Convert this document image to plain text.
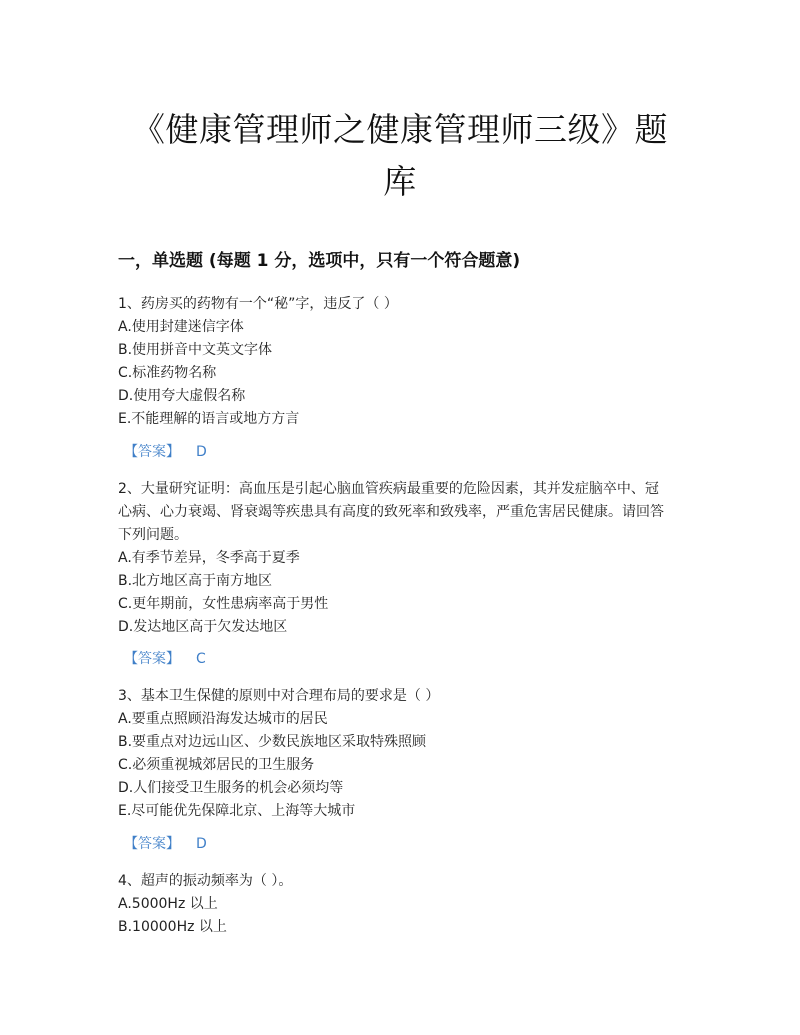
《健康管理师之健康管理师三级》题
库
一，单选题 (每题 1 分，选项中，只有一个符合题意)

1、药房买的药物有一个“秘”字，违反了（ ）

A.使用封建迷信字体

B.使用拼音中文英文字体

C.标准药物名称

D.使用夸大虚假名称

E.不能理解的语言或地方方言

【答案】 D

2、大量研究证明：高血压是引起心脑血管疾病最重要的危险因素，其并发症脑卒中、冠

心病、心力衰竭、肾衰竭等疾患具有高度的致死率和致残率，严重危害居民健康。请回答

下列问题。

A.有季节差异，冬季高于夏季

B.北方地区高于南方地区

C.更年期前，女性患病率高于男性

D.发达地区高于欠发达地区

【答案】 C

3、基本卫生保健的原则中对合理布局的要求是（ ）

A.要重点照顾沿海发达城市的居民

B.要重点对边远山区、少数民族地区采取特殊照顾

C.必须重视城郊居民的卫生服务

D.人们接受卫生服务的机会必须均等

E.尽可能优先保障北京、上海等大城市

【答案】 D

4、超声的振动频率为（ ）。

A.5000Hz 以上

B.10000Hz 以上
